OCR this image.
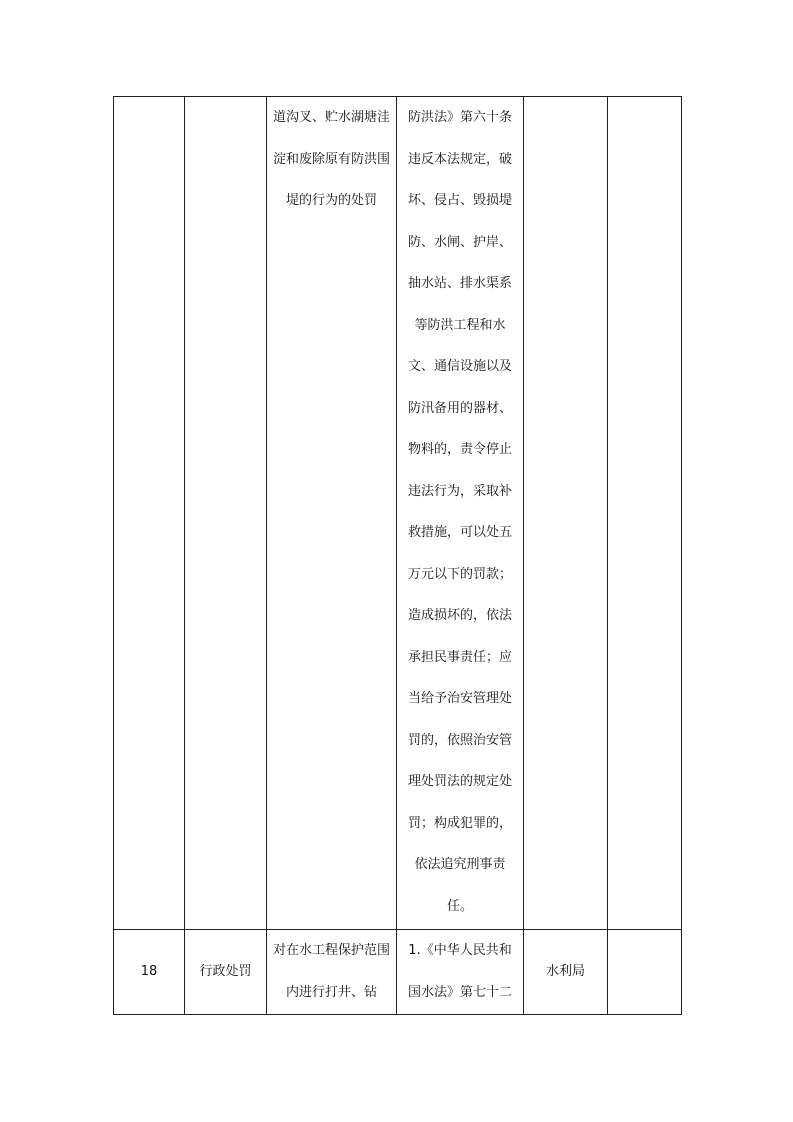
		道沟叉、贮水湖塘洼淀和废除原有防洪围堤的行为的处罚	防洪法》第六十条违反本法规定，破坏、侵占、毁损堤防、水闸、护岸、抽水站、排水渠系等防洪工程和水文、通信设施以及防汛备用的器材、物料的，责令停止违法行为，采取补救措施，可以处五万元以下的罚款；造成损坏的，依法承担民事责任；应当给予治安管理处罚的，依照治安管理处罚法的规定处罚；构成犯罪的，依法追究刑事责任。		

18	行政处罚	对在水工程保护范围内进行打井、钻	1.《中华人民共和国水法》第七十二	水利局	
